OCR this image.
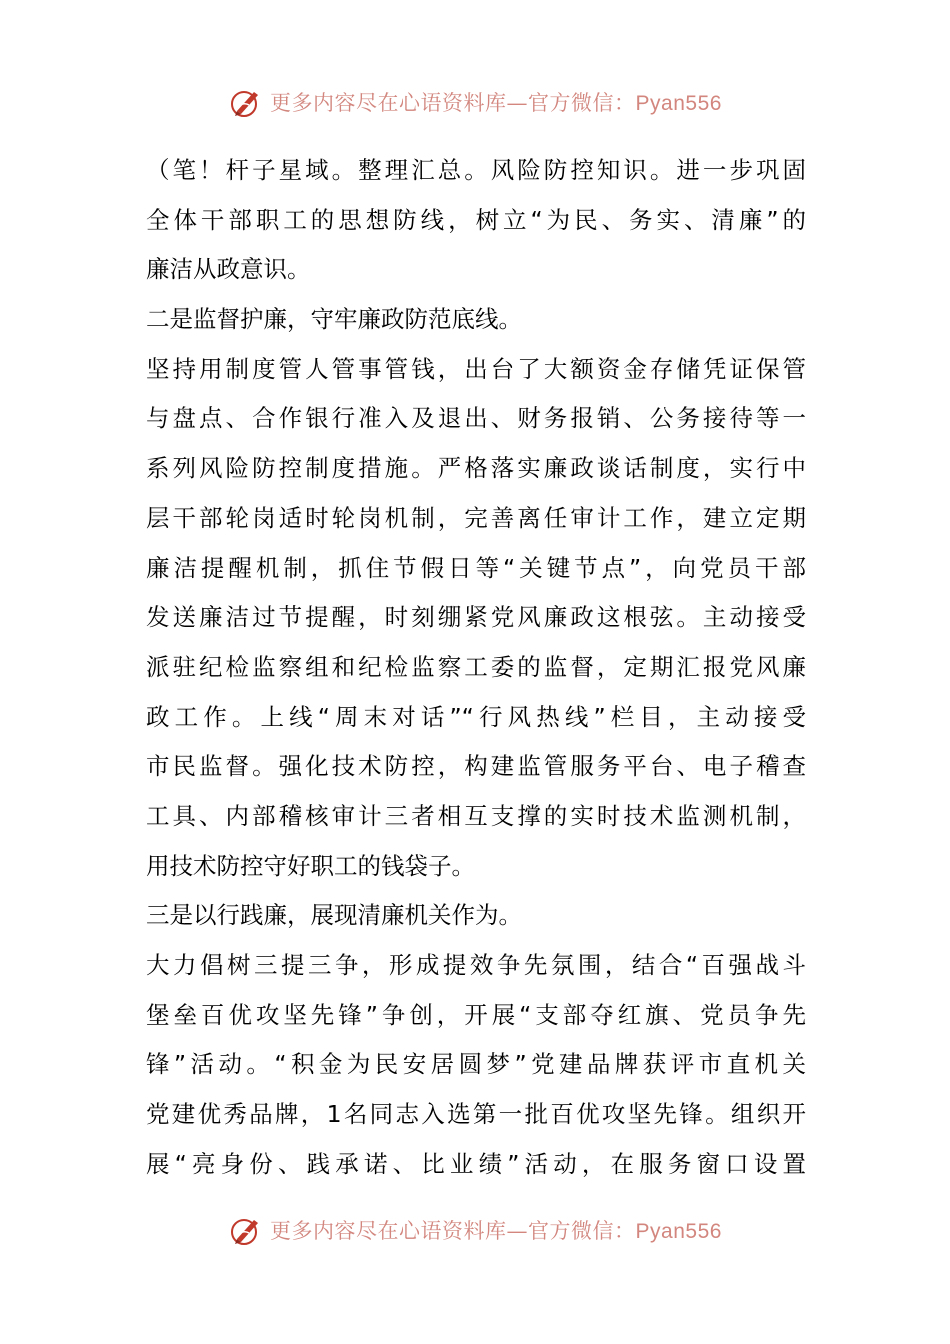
更多内容尽在心语资料库—官方微信：Pyan556
（笔！杆子星域。整理汇总。风险防控知识。进一步巩固
全体干部职工的思想防线，树立“为民、务实、清廉”的
廉洁从政意识。
二是监督护廉，守牢廉政防范底线。
坚持用制度管人管事管钱，出台了大额资金存储凭证保管
与盘点、合作银行准入及退出、财务报销、公务接待等一
系列风险防控制度措施。严格落实廉政谈话制度，实行中
层干部轮岗适时轮岗机制，完善离任审计工作，建立定期
廉洁提醒机制，抓住节假日等“关键节点”，向党员干部
发送廉洁过节提醒，时刻绷紧党风廉政这根弦。主动接受
派驻纪检监察组和纪检监察工委的监督，定期汇报党风廉
政工作。上线“周末对话”“行风热线”栏目，主动接受
市民监督。强化技术防控，构建监管服务平台、电子稽查
工具、内部稽核审计三者相互支撑的实时技术监测机制，
用技术防控守好职工的钱袋子。
三是以行践廉，展现清廉机关作为。
大力倡树三提三争，形成提效争先氛围，结合“百强战斗
堡垒百优攻坚先锋”争创，开展“支部夺红旗、党员争先
锋”活动。“积金为民安居圆梦”党建品牌获评市直机关
党建优秀品牌，1名同志入选第一批百优攻坚先锋。组织开
展“亮身份、践承诺、比业绩”活动，在服务窗口设置
更多内容尽在心语资料库—官方微信：Pyan556
